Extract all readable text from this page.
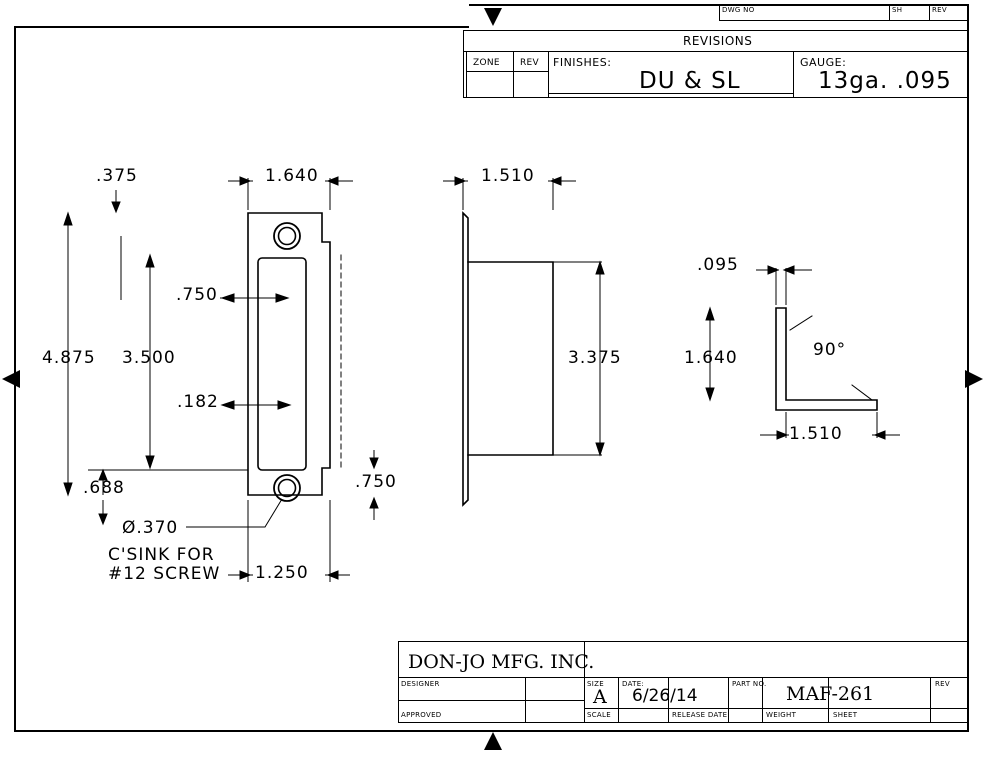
DWG NO	SH	REV
REVISIONS
ZONE REV FINISHES:
DU & SL
GAUGE:
13ga. .095
.375	1.640	1.510
.750
4.875 3.500
.182
.688	.750
1.250
3.375
.095
1.640	90°
1.510
Ø.370
C'SINK FOR
#12 SCREW
DON-JO MFG. INC.
DESIGNER
APPROVED
SIZE
A
DATE:
6/26/14
PART NO. MAF-261	REV
SCALE	RELEASE DATE	WEIGHT	SHEET
